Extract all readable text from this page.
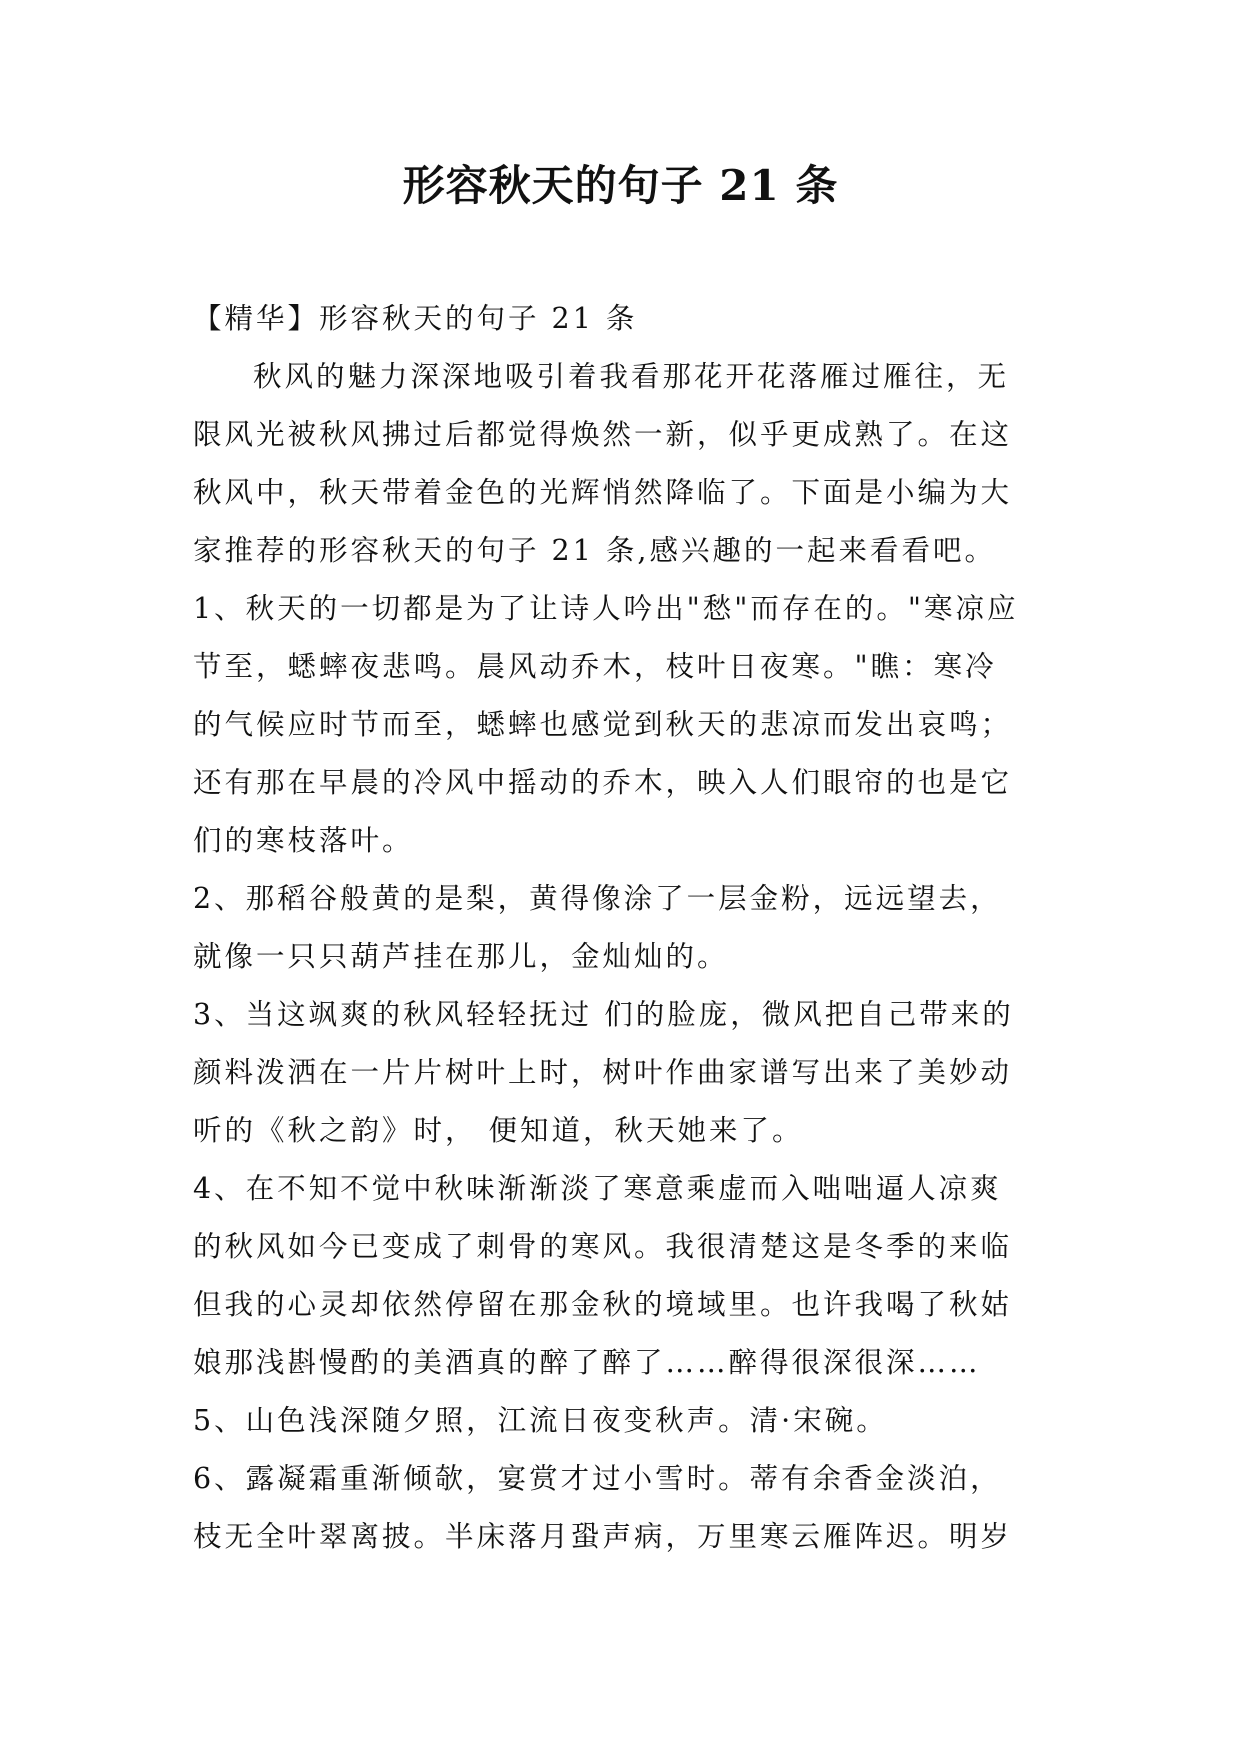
形容秋天的句子 21 条
【精华】形容秋天的句子 21 条
秋风的魅力深深地吸引着我看那花开花落雁过雁往，无
限风光被秋风拂过后都觉得焕然一新，似乎更成熟了。在这
秋风中，秋天带着金色的光辉悄然降临了。下面是小编为大
家推荐的形容秋天的句子 21 条,感兴趣的一起来看看吧。
1、秋天的一切都是为了让诗人吟出"愁"而存在的。"寒凉应
节至，蟋蟀夜悲鸣。晨风动乔木，枝叶日夜寒。"瞧：寒冷
的气候应时节而至，蟋蟀也感觉到秋天的悲凉而发出哀鸣；
还有那在早晨的冷风中摇动的乔木，映入人们眼帘的也是它
们的寒枝落叶。
2、那稻谷般黄的是梨，黄得像涂了一层金粉，远远望去，
就像一只只葫芦挂在那儿，金灿灿的。
3、当这飒爽的秋风轻轻抚过 们的脸庞，微风把自己带来的
颜料泼洒在一片片树叶上时，树叶作曲家谱写出来了美妙动
听的《秋之韵》时， 便知道，秋天她来了。
4、在不知不觉中秋味渐渐淡了寒意乘虚而入咄咄逼人凉爽
的秋风如今已变成了刺骨的寒风。我很清楚这是冬季的来临
但我的心灵却依然停留在那金秋的境域里。也许我喝了秋姑
娘那浅斟慢酌的美酒真的醉了醉了……醉得很深很深……
5、山色浅深随夕照，江流日夜变秋声。清·宋碗。
6、露凝霜重渐倾欹，宴赏才过小雪时。蒂有余香金淡泊，
枝无全叶翠离披。半床落月蛩声病，万里寒云雁阵迟。明岁
